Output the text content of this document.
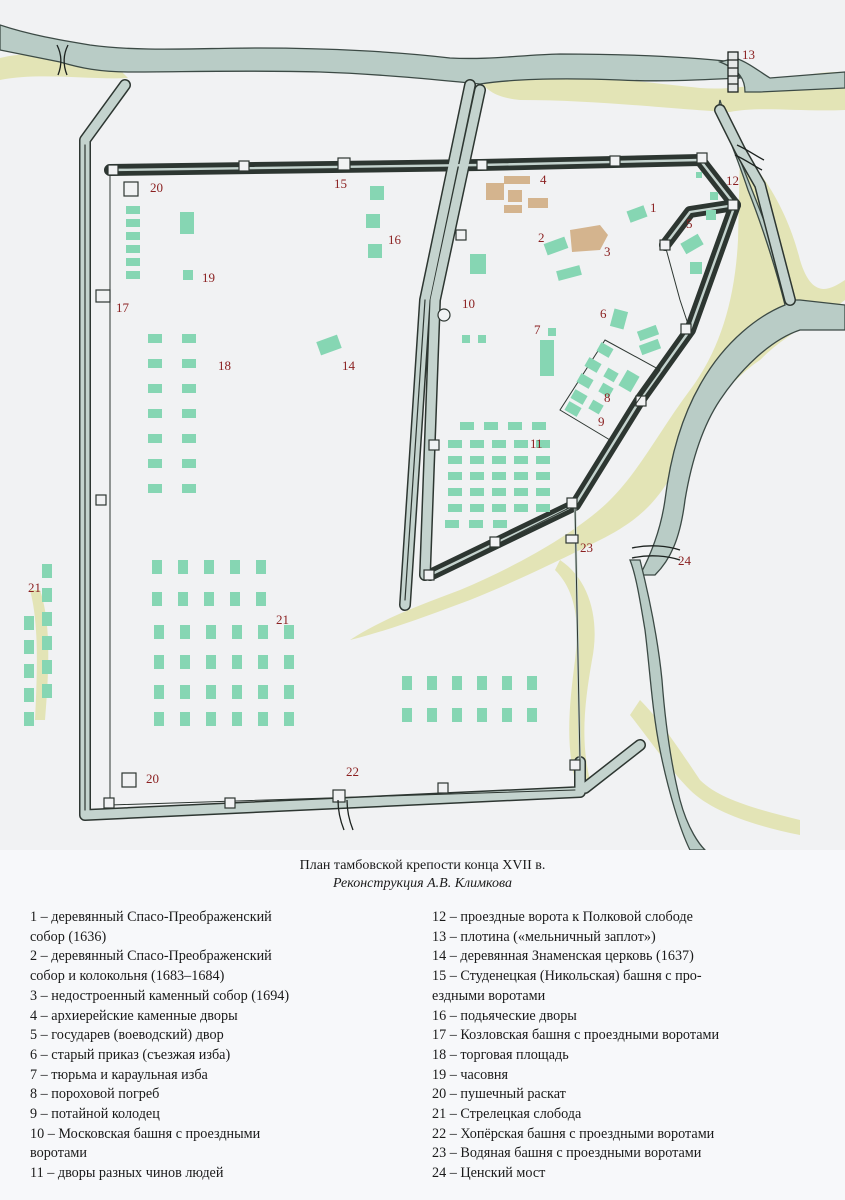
1
2
3
4
5
6
7
8
9
10
11
12
13
14
15
16
17
18
19
20
20
21
21
22
23
24
План тамбовской крепости конца XVII в.
Реконструкция А.В. Климкова
1 – деревянный Спасо-Преображенский
собор (1636)
2 – деревянный Спасо-Преображенский
собор и колокольня (1683–1684)
3 – недостроенный каменный собор (1694)
4 – архиерейские каменные дворы
5 – государев (воеводский) двор
6 – старый приказ (съезжая изба)
7 – тюрьма и караульная изба
8 – пороховой погреб
9 – потайной колодец
10 – Московская башня с проездными
воротами
11 – дворы разных чинов людей
12 – проездные ворота к Полковой слободе
13 – плотина («мельничный заплот»)
14 – деревянная Знаменская церковь (1637)
15 – Студенецкая (Никольская) башня с про-
ездными воротами
16 – подьяческие дворы
17 – Козловская башня с проездными воротами
18 – торговая площадь
19 – часовня
20 – пушечный раскат
21 – Стрелецкая слобода
22 – Хопёрская башня с проездными воротами
23 – Водяная башня с проездными воротами
24 – Ценский мост
